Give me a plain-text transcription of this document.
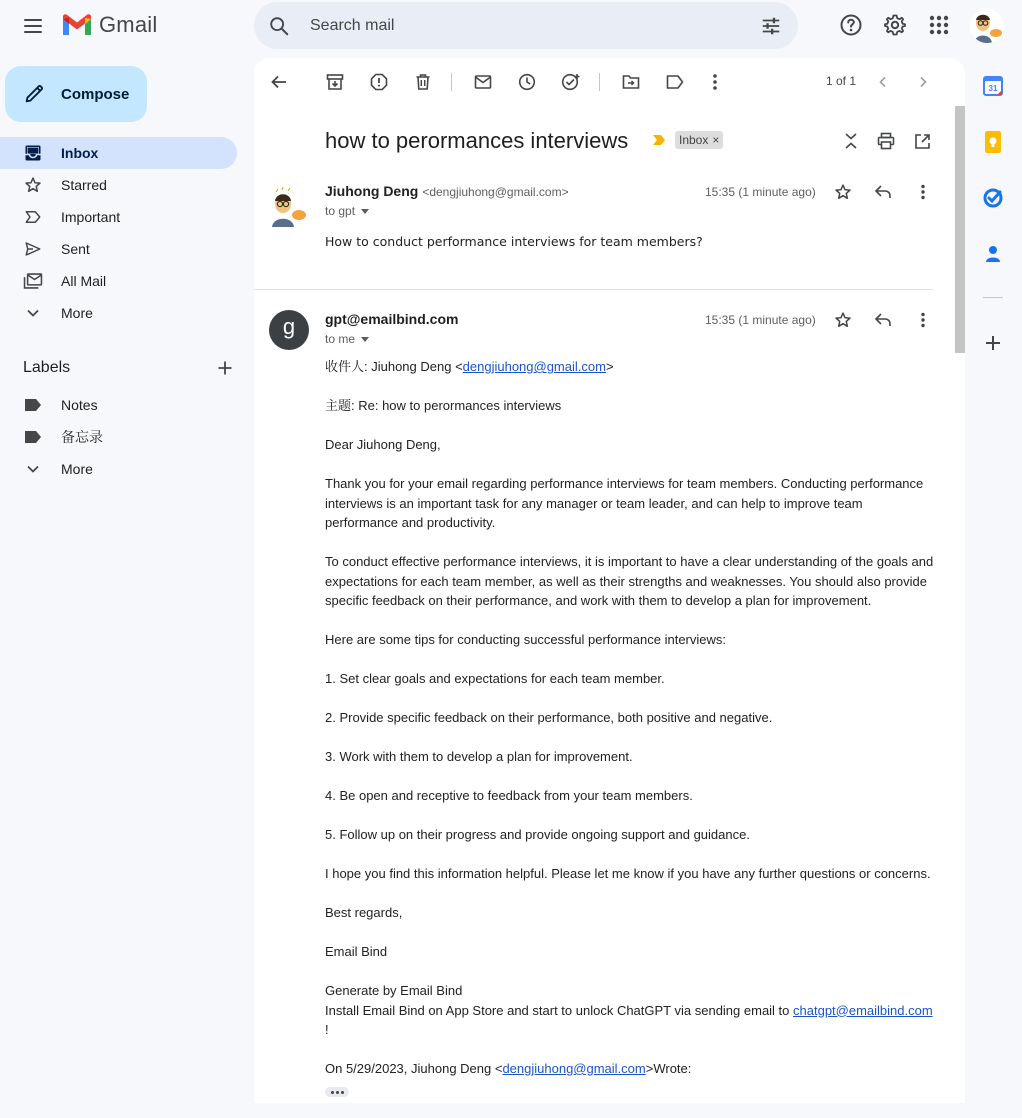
Gmail
Search mail
Compose
Inbox
Starred
Important
Sent
All Mail
More
Labels
Notes
备忘录
More
1 of 1
how to perormances interviews	Inbox ×
Jiuhong Deng <dengjiuhong@gmail.com>
to gpt
15:35 (1 minute ago)
How to conduct performance interviews for team members?
g gpt@emailbind.com
to me
15:35 (1 minute ago)

收件人: Jiuhong Deng <dengjiuhong@gmail.com>

主题: Re: how to perormances interviews

Dear Jiuhong Deng,

Thank you for your email regarding performance interviews for team members. Conducting performance interviews is an important task for any manager or team leader, and can help to improve team performance and productivity.

To conduct effective performance interviews, it is important to have a clear understanding of the goals and expectations for each team member, as well as their strengths and weaknesses. You should also provide specific feedback on their performance, and work with them to develop a plan for improvement.

Here are some tips for conducting successful performance interviews:

1. Set clear goals and expectations for each team member.

2. Provide specific feedback on their performance, both positive and negative.

3. Work with them to develop a plan for improvement.

4. Be open and receptive to feedback from your team members.

5. Follow up on their progress and provide ongoing support and guidance.

I hope you find this information helpful. Please let me know if you have any further questions or concerns.

Best regards,

Email Bind

Generate by Email Bind
Install Email Bind on App Store and start to unlock ChatGPT via sending email to chatgpt@emailbind.com
!

On 5/29/2023, Jiuhong Deng <dengjiuhong@gmail.com>Wrote:

31
